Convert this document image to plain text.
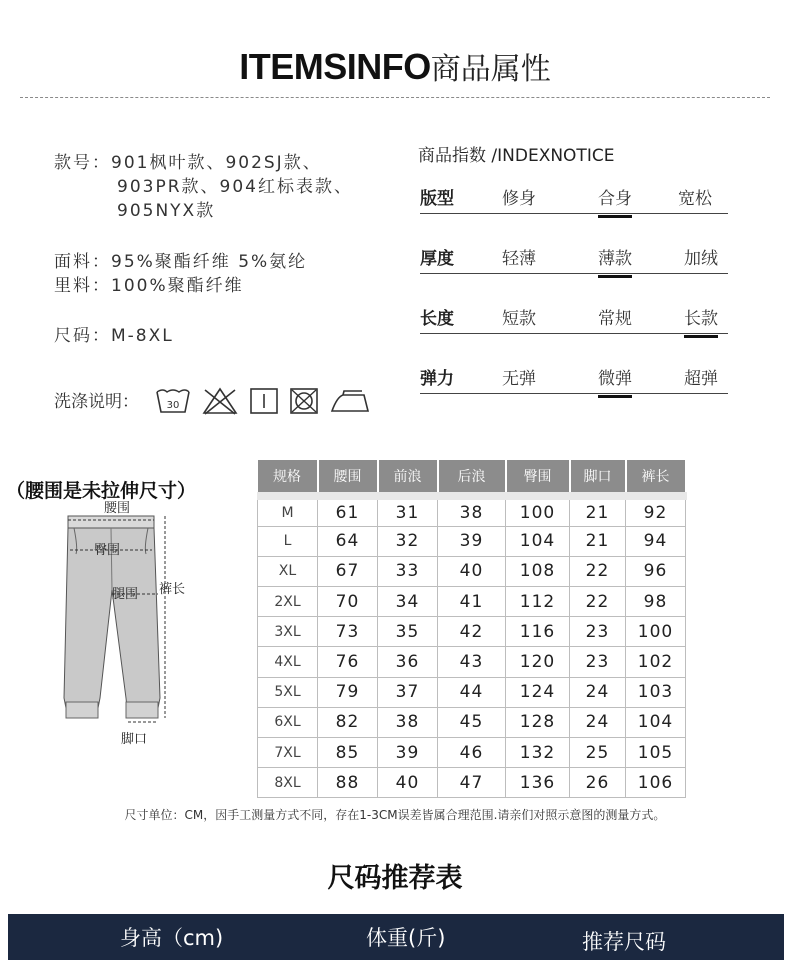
ITEMSINFO商品属性
款号：901枫叶款、902SJ款、
903PR款、904红标表款、
905NYX款
面料：95%聚酯纤维 5%氨纶
里料：100%聚酯纤维
尺码：M-8XL
洗涤说明：	30
商品指数 /INDEXNOTICE
版型	修身	合身	宽松
厚度	轻薄	薄款	加绒
长度	短款	常规	长款
弹力	无弹	微弹	超弹
（腰围是未拉伸尺寸）
腰围
臀围
腿围 裤长
脚口
规格	腰围	前浪	后浪	臀围	脚口	裤长
M	61	31	38	100	21	92
L	64	32	39	104	21	94
XL	67	33	40	108	22	96
2XL	70	34	41	112	22	98
3XL	73	35	42	116	23	100
4XL	76	36	43	120	23	102
5XL	79	37	44	124	24	103
6XL	82	38	45	128	24	104
7XL	85	39	46	132	25	105
8XL	88	40	47	136	26	106
尺寸单位：CM，因手工测量方式不同，存在1-3CM误差皆属合理范围.请亲们对照示意图的测量方式。
尺码推荐表
身高（cm)	体重(斤)	推荐尺码
